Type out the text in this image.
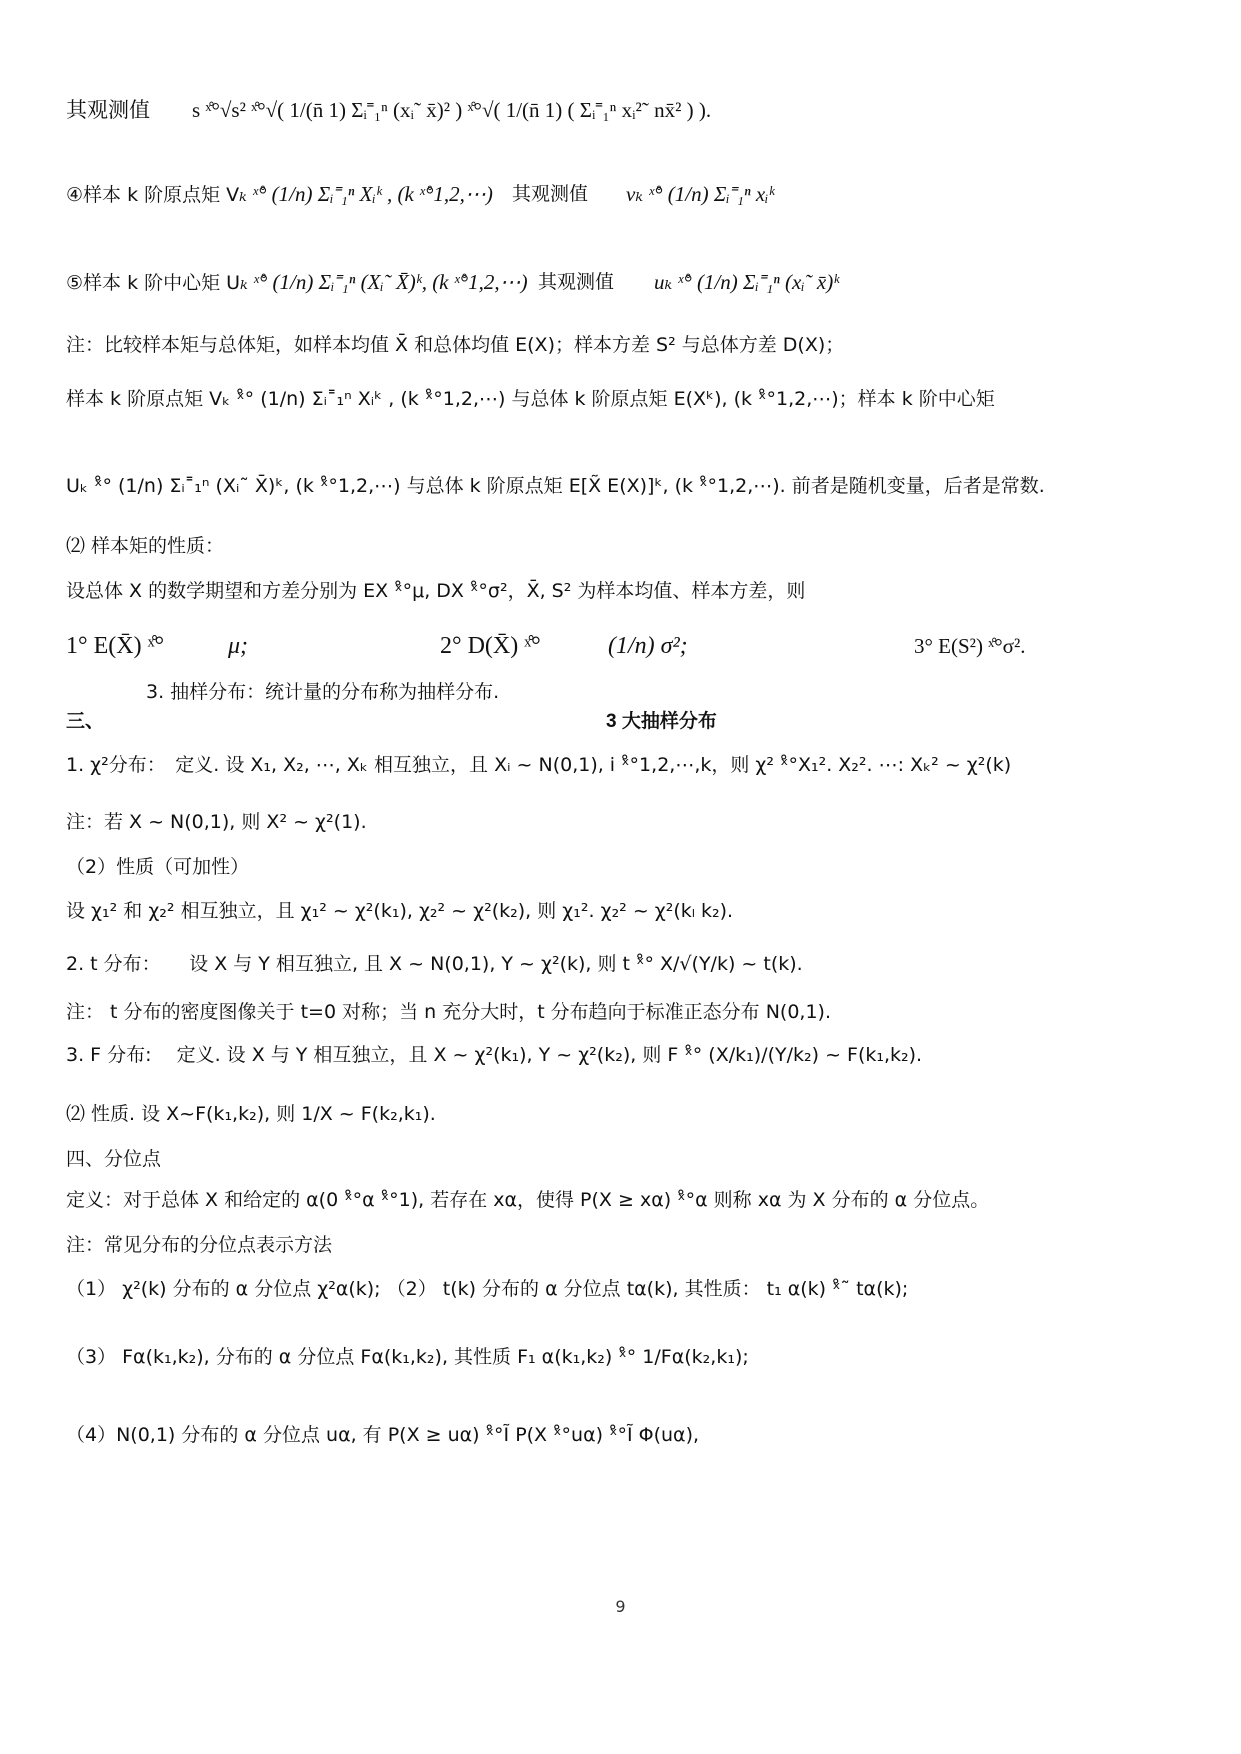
其观测值　　s ˣ̊°√s² ˣ̊°√( 1/(n̄ 1) Σᵢ˭₁ⁿ (xᵢ˜ x̄)² ) ˣ̊°√( 1/(n̄ 1) ( Σᵢ˭₁ⁿ xᵢ²˜ nx̄² ) ).
④样本 k 阶原点矩 Vₖ ˣ̊° (1/n) Σᵢ˭₁ⁿ Xᵢᵏ , (k ˣ̊°1,2,⋯) 其观测值 vₖ ˣ̊° (1/n) Σᵢ˭₁ⁿ xᵢᵏ
⑤样本 k 阶中心矩 Uₖ ˣ̊° (1/n) Σᵢ˭₁ⁿ (Xᵢ˜ X̄)ᵏ, (k ˣ̊°1,2,⋯) 其观测值 uₖ ˣ̊° (1/n) Σᵢ˭₁ⁿ (xᵢ˜ x̄)ᵏ
注：比较样本矩与总体矩，如样本均值 X̄ 和总体均值 E(X)；样本方差 S² 与总体方差 D(X)；
样本 k 阶原点矩 Vₖ ˣ̊° (1/n) Σᵢ˭₁ⁿ Xᵢᵏ , (k ˣ̊°1,2,⋯) 与总体 k 阶原点矩 E(Xᵏ), (k ˣ̊°1,2,⋯)；样本 k 阶中心矩
Uₖ ˣ̊° (1/n) Σᵢ˭₁ⁿ (Xᵢ˜ X̄)ᵏ, (k ˣ̊°1,2,⋯) 与总体 k 阶原点矩 E[X̃ E(X)]ᵏ, (k ˣ̊°1,2,⋯). 前者是随机变量，后者是常数.
⑵ 样本矩的性质：
设总体 X 的数学期望和方差分别为 EX ˣ̊°μ, DX ˣ̊°σ²，X̄, S² 为样本均值、样本方差，则
1° E(X̄) ˣ̊°	μ;	2° D(X̄) ˣ̊°	(1/n) σ²;	3° E(S²) ˣ̊°σ².
3. 抽样分布：统计量的分布称为抽样分布.
三、	3 大抽样分布
1. χ²分布：　定义. 设 X₁, X₂, ⋯, Xₖ 相互独立，且 Xᵢ ~ N(0,1), i ˣ̊°1,2,⋯,k，则 χ² ˣ̊°X₁². X₂². ⋯: Xₖ² ~ χ²(k)
注：若 X ~ N(0,1), 则 X² ~ χ²(1).
（2）性质（可加性）
设 χ₁² 和 χ₂² 相互独立，且 χ₁² ~ χ²(k₁), χ₂² ~ χ²(k₂), 则 χ₁². χ₂² ~ χ²(kₗ k₂).
2. t 分布：　　设 X 与 Y 相互独立, 且 X ~ N(0,1), Y ~ χ²(k), 则 t ˣ̊° X/√(Y/k) ~ t(k).
注： t 分布的密度图像关于 t=0 对称；当 n 充分大时，t 分布趋向于标准正态分布 N(0,1).
3. F 分布:　 定义. 设 X 与 Y 相互独立，且 X ~ χ²(k₁), Y ~ χ²(k₂), 则 F ˣ̊° (X/k₁)/(Y/k₂) ~ F(k₁,k₂).
⑵ 性质. 设 X~F(k₁,k₂), 则 1/X ~ F(k₂,k₁).
四、分位点
定义：对于总体 X 和给定的 α(0 ˣ̊°α ˣ̊°1), 若存在 xα，使得 P(X ≥ xα) ˣ̊°α 则称 xα 为 X 分布的 α 分位点。
注：常见分布的分位点表示方法
（1） χ²(k) 分布的 α 分位点 χ²α(k); （2） t(k) 分布的 α 分位点 tα(k), 其性质： t₁ α(k) ˣ̊˜ tα(k);
（3） Fα(k₁,k₂), 分布的 α 分位点 Fα(k₁,k₂), 其性质 F₁ α(k₁,k₂) ˣ̊° 1/Fα(k₂,k₁);
（4）N(0,1) 分布的 α 分位点 uα, 有 P(X ≥ uα) ˣ̊°Ĩ P(X ˣ̊°uα) ˣ̊°Ĩ Φ(uα),
9
